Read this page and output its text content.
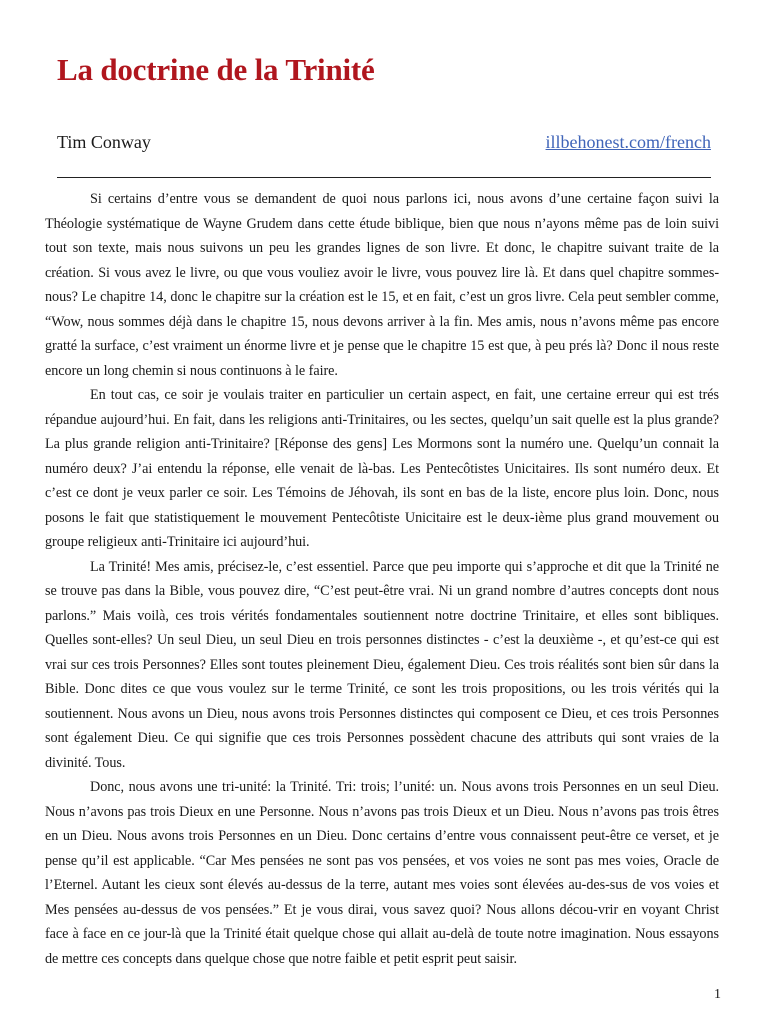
La doctrine de la Trinité
Tim Conway	illbehonest.com/french

Si certains d’entre vous se demandent de quoi nous parlons ici, nous avons d’une certaine façon suivi la Théologie systématique de Wayne Grudem dans cette étude biblique, bien que nous n’ayons même pas de loin suivi tout son texte, mais nous suivons un peu les grandes lignes de son livre. Et donc, le chapitre suivant traite de la création. Si vous avez le livre, ou que vous vouliez avoir le livre, vous pouvez lire là. Et dans quel chapitre sommes-nous? Le chapitre 14, donc le chapitre sur la création est le 15, et en fait, c’est un gros livre. Cela peut sembler comme, “Wow, nous sommes déjà dans le chapitre 15, nous devons arriver à la fin. Mes amis, nous n’avons même pas encore gratté la surface, c’est vraiment un énorme livre et je pense que le chapitre 15 est que, à peu prés là? Donc il nous reste encore un long chemin si nous continuons à le faire.

En tout cas, ce soir je voulais traiter en particulier un certain aspect, en fait, une certaine erreur qui est trés répandue aujourd’hui. En fait, dans les religions anti-Trinitaires, ou les sectes, quelqu’un sait quelle est la plus grande? La plus grande religion anti-Trinitaire? [Réponse des gens] Les Mormons sont la numéro une. Quelqu’un connait la numéro deux? J’ai entendu la réponse, elle venait de là-bas. Les Pentecôtistes Unicitaires. Ils sont numéro deux. Et c’est ce dont je veux parler ce soir. Les Témoins de Jéhovah, ils sont en bas de la liste, encore plus loin. Donc, nous posons le fait que statistiquement le mouvement Pentecôtiste Unicitaire est le deux-ième plus grand mouvement ou groupe religieux anti-Trinitaire ici aujourd’hui.

La Trinité! Mes amis, précisez-le, c’est essentiel. Parce que peu importe qui s’approche et dit que la Trinité ne se trouve pas dans la Bible, vous pouvez dire, “C’est peut-être vrai. Ni un grand nombre d’autres concepts dont nous parlons.” Mais voilà, ces trois vérités fondamentales soutiennent notre doctrine Trinitaire, et elles sont bibliques. Quelles sont-elles? Un seul Dieu, un seul Dieu en trois personnes distinctes - c’est la deuxième -, et qu’est-ce qui est vrai sur ces trois Personnes? Elles sont toutes pleinement Dieu, également Dieu. Ces trois réalités sont bien sûr dans la Bible. Donc dites ce que vous voulez sur le terme Trinité, ce sont les trois propositions, ou les trois vérités qui la soutiennent. Nous avons un Dieu, nous avons trois Personnes distinctes qui composent ce Dieu, et ces trois Personnes sont également Dieu. Ce qui signifie que ces trois Personnes possèdent chacune des attributs qui sont vraies de la divinité. Tous.

Donc, nous avons une tri-unité: la Trinité. Tri: trois; l’unité: un. Nous avons trois Personnes en un seul Dieu. Nous n’avons pas trois Dieux en une Personne. Nous n’avons pas trois Dieux et un Dieu. Nous n’avons pas trois êtres en un Dieu. Nous avons trois Personnes en un Dieu. Donc certains d’entre vous connaissent peut-être ce verset, et je pense qu’il est applicable. “Car Mes pensées ne sont pas vos pensées, et vos voies ne sont pas mes voies, Oracle de l’Eternel. Autant les cieux sont élevés au-dessus de la terre, autant mes voies sont élevées au-des-sus de vos voies et Mes pensées au-dessus de vos pensées.” Et je vous dirai, vous savez quoi? Nous allons décou-vrir en voyant Christ face à face en ce jour-là que la Trinité était quelque chose qui allait au-delà de toute notre imagination. Nous essayons de mettre ces concepts dans quelque chose que notre faible et petit esprit peut saisir.

1
